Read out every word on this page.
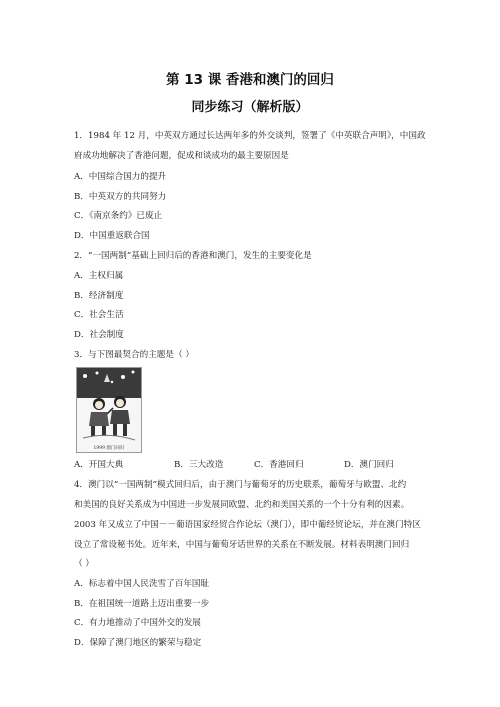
第 13 课 香港和澳门的回归
同步练习（解析版）
1．1984 年 12 月，中英双方通过长达两年多的外交谈判，签署了《中英联合声明》，中国政
府成功地解决了香港问题，促成和谈成功的最主要原因是
A．中国综合国力的提升
B．中英双方的共同努力
C．《南京条约》已废止
D．中国重返联合国
2．“一国两制”基础上回归后的香港和澳门，发生的主要变化是
A．主权归属
B．经济制度
C．社会生活
D．社会制度
3．与下图最契合的主题是（ ）
1999 澳门回归
A．开国大典	B．三大改造	C．香港回归	D．澳门回归
4．澳门以“一国两制”模式回归后，由于澳门与葡萄牙的历史联系，葡萄牙与欧盟、北约
和美国的良好关系成为中国进一步发展同欧盟、北约和美国关系的一个十分有利的因素。
2003 年又成立了中国－－葡语国家经贸合作论坛（澳门），即中葡经贸论坛，并在澳门特区
设立了常设秘书处。近年来，中国与葡萄牙话世界的关系在不断发展。材料表明澳门回归
（ ）
A．标志着中国人民洗雪了百年国耻
B．在祖国统一道路上迈出重要一步
C．有力地推动了中国外交的发展
D．保障了澳门地区的繁荣与稳定
